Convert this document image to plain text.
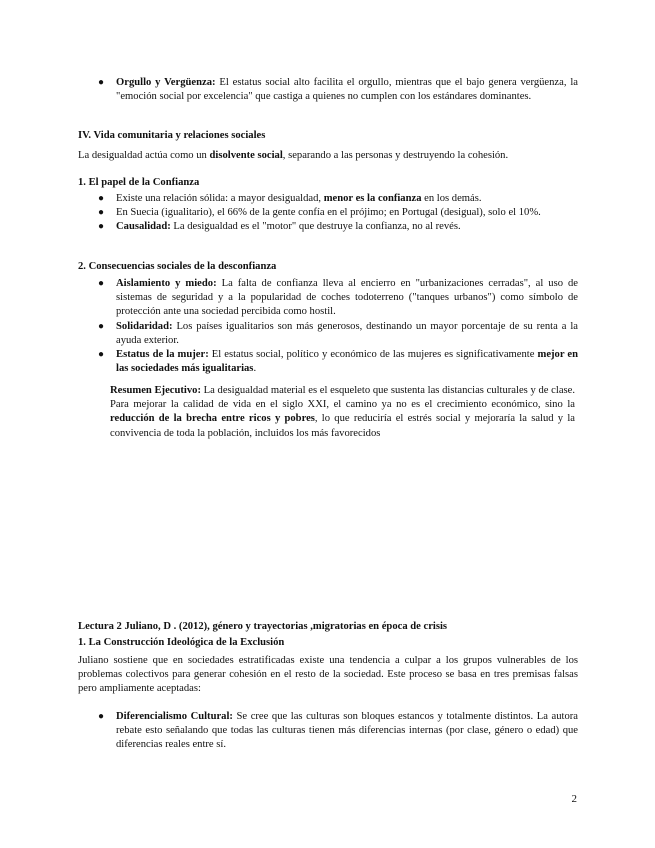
● Orgullo y Vergüenza: El estatus social alto facilita el orgullo, mientras que el bajo genera vergüenza, la "emoción social por excelencia" que castiga a quienes no cumplen con los estándares dominantes.
IV. Vida comunitaria y relaciones sociales
La desigualdad actúa como un disolvente social, separando a las personas y destruyendo la cohesión.
1. El papel de la Confianza
● Existe una relación sólida: a mayor desigualdad, menor es la confianza en los demás.
● En Suecia (igualitario), el 66% de la gente confía en el prójimo; en Portugal (desigual), solo el 10%.
● Causalidad: La desigualdad es el "motor" que destruye la confianza, no al revés.
2. Consecuencias sociales de la desconfianza
● Aislamiento y miedo: La falta de confianza lleva al encierro en "urbanizaciones cerradas", al uso de sistemas de seguridad y a la popularidad de coches todoterreno ("tanques urbanos") como símbolo de protección ante una sociedad percibida como hostil.
● Solidaridad: Los países igualitarios son más generosos, destinando un mayor porcentaje de su renta a la ayuda exterior.
● Estatus de la mujer: El estatus social, político y económico de las mujeres es significativamente mejor en las sociedades más igualitarias.
Resumen Ejecutivo: La desigualdad material es el esqueleto que sustenta las distancias culturales y de clase. Para mejorar la calidad de vida en el siglo XXI, el camino ya no es el crecimiento económico, sino la reducción de la brecha entre ricos y pobres, lo que reduciría el estrés social y mejoraría la salud y la convivencia de toda la población, incluidos los más favorecidos
Lectura 2 Juliano, D . (2012), género y trayectorias ,migratorias en época de crisis
1. La Construcción Ideológica de la Exclusión
Juliano sostiene que en sociedades estratificadas existe una tendencia a culpar a los grupos vulnerables de los problemas colectivos para generar cohesión en el resto de la sociedad. Este proceso se basa en tres premisas falsas pero ampliamente aceptadas:
● Diferencialismo Cultural: Se cree que las culturas son bloques estancos y totalmente distintos. La autora rebate esto señalando que todas las culturas tienen más diferencias internas (por clase, género o edad) que diferencias reales entre sí.
2
